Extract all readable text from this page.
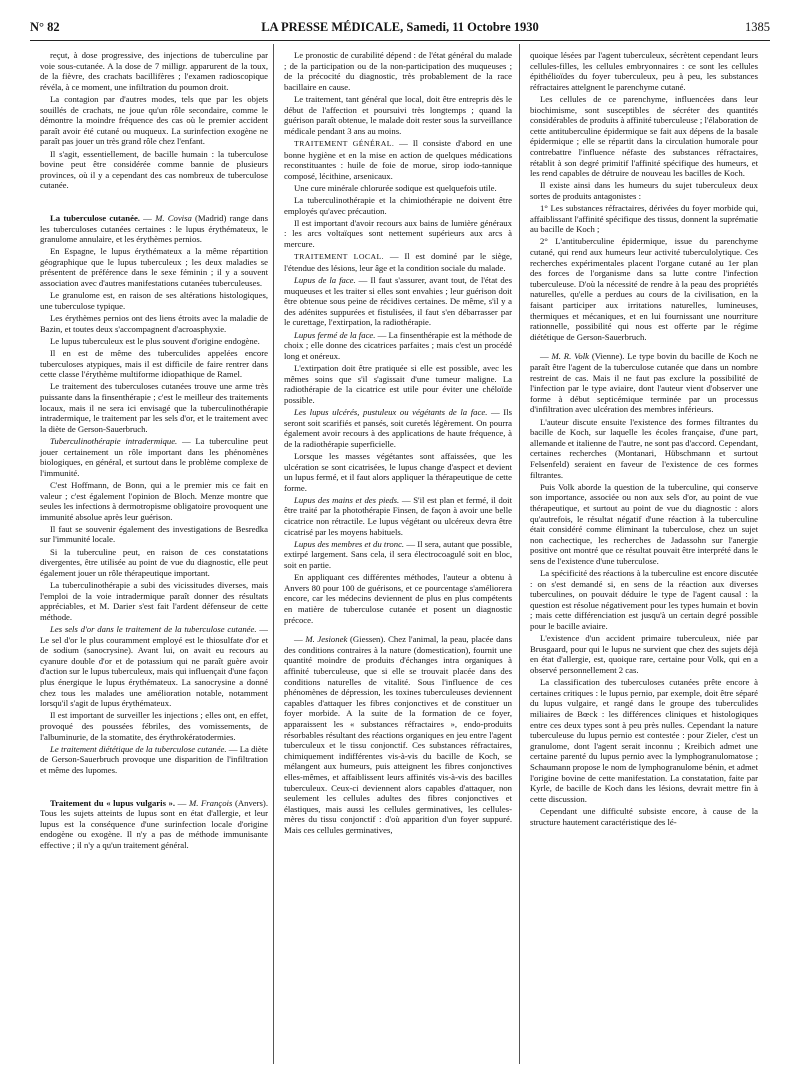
N° 82	LA PRESSE MÉDICALE, Samedi, 11 Octobre 1930	1385

reçut, à dose progressive, des injections de tuberculine par voie sous-cutanée. A la dose de 7 milligr. apparurent de la toux, de la fièvre, des crachats bacillifères ; l'examen radioscopique révéla, à ce moment, une infiltration du poumon droit.

La contagion par d'autres modes, tels que par les objets souillés de crachats, ne joue qu'un rôle secondaire, comme le démontre la moindre fréquence des cas où le premier accident paraît avoir été cutané ou muqueux. La surinfection exogène ne paraît pas jouer un très grand rôle chez l'enfant.

Il s'agit, essentiellement, de bacille humain : la tuberculose bovine peut être considérée comme bannie de plusieurs provinces, où il y a cependant des cas nombreux de tuberculose cutanée.

La tuberculose cutanée. — M. Covisa (Madrid) range dans les tuberculoses cutanées certaines : le lupus érythémateux, le granulome annulaire, et les érythèmes pernios.

En Espagne, le lupus érythémateux a la même répartition géographique que le lupus tuberculeux ; les deux maladies se présentent de préférence dans le sexe féminin ; il y a souvent association avec d'autres manifestations cutanées tuberculeuses.

Le granulome est, en raison de ses altérations histologiques, une tuberculose typique.

Les érythèmes pernios ont des liens étroits avec la maladie de Bazin, et toutes deux s'accompagnent d'acroasphyxie.

Le lupus tuberculeux est le plus souvent d'origine endogène.

Il en est de même des tuberculides appelées encore tuberculoses atypiques, mais il est difficile de faire rentrer dans cette classe l'érythème multiforme idiopathique de Ramel.

Le traitement des tuberculoses cutanées trouve une arme très puissante dans la finsenthérapie ; c'est le meilleur des traitements locaux, mais il ne sera ici envisagé que la tuberculinothérapie intradermique, le traitement par les sels d'or, et le traitement avec la diète de Gerson-Sauerbruch.

Tuberculinothérapie intradermique. — La tuberculine peut jouer certainement un rôle important dans les phénomènes biologiques, en général, et surtout dans le problème complexe de l'immunité.

C'est Hoffmann, de Bonn, qui a le premier mis ce fait en valeur ; c'est également l'opinion de Bloch. Menze montre que seules les infections à dermotropisme obligatoire provoquent une immunité absolue après leur guérison.

Il faut se souvenir également des investigations de Besredka sur l'immunité locale.

Si la tuberculine peut, en raison de ces constatations divergentes, être utilisée au point de vue du diagnostic, elle peut également jouer un rôle thérapeutique important.

La tuberculinothérapie a subi des vicissitudes diverses, mais l'emploi de la voie intradermique paraît donner des résultats appréciables, et M. Darier s'est fait l'ardent défenseur de cette méthode.

Les sels d'or dans le traitement de la tuberculose cutanée. — Le sel d'or le plus couramment employé est le thiosulfate d'or et de sodium (sanocrysine). Avant lui, on avait eu recours au cyanure double d'or et de potassium qui ne paraît guère avoir d'action sur le lupus tuberculeux, mais qui influençait d'une façon plus énergique le lupus érythémateux. La sanocrysine a donné chez tous les malades une amélioration notable, notamment lorsqu'il s'agit de lupus érythémateux.

Il est important de surveiller les injections ; elles ont, en effet, provoqué des poussées fébriles, des vomissements, de l'albuminurie, de la stomatite, des érythrokératodermies.

Le traitement diététique de la tuberculose cutanée. — La diète de Gerson-Sauerbruch provoque une disparition de l'infiltration et même des lupomes.

Traitement du « lupus vulgaris ». — M. François (Anvers). Tous les sujets atteints de lupus sont en état d'allergie, et leur lupus est la conséquence d'une surinfection locale d'origine endogène ou exogène. Il n'y a pas de méthode immunisante effective ; il n'y a qu'un traitement général.

Le pronostic de curabilité dépend : de l'état général du malade ; de la participation ou de la non-participation des muqueuses ; de la précocité du diagnostic, très probablement de la race bacillaire en cause.

Le traitement, tant général que local, doit être entrepris dès le début de l'affection et poursuivi très longtemps ; quand la guérison paraît obtenue, le malade doit rester sous la surveillance médicale pendant 3 ans au moins.

TRAITEMENT GÉNÉRAL. — Il consiste d'abord en une bonne hygiène et en la mise en action de quelques médications reconstituantes : huile de foie de morue, sirop iodo-tannique composé, lécithine, arsenicaux.

Une cure minérale chlorurée sodique est quelquefois utile.

La tuberculinothérapie et la chimiothérapie ne doivent être employés qu'avec précaution.

Il est important d'avoir recours aux bains de lumière généraux : les arcs voltaïques sont nettement supérieurs aux arcs à mercure.

TRAITEMENT LOCAL. — Il est dominé par le siège, l'étendue des lésions, leur âge et la condition sociale du malade.

Lupus de la face. — Il faut s'assurer, avant tout, de l'état des muqueuses et les traiter si elles sont envahies ; leur guérison doit être obtenue sous peine de récidives certaines. De même, s'il y a des adénites suppurées et fistulisées, il faut s'en débarrasser par le curettage, l'extirpation, la radiothérapie.

Lupus fermé de la face. — La finsenthérapie est la méthode de choix ; elle donne des cicatrices parfaites ; mais c'est un procédé long et onéreux.

L'extirpation doit être pratiquée si elle est possible, avec les mêmes soins que s'il s'agissait d'une tumeur maligne. La radiothérapie de la cicatrice est utile pour éviter une chéloïde possible.

Les lupus ulcérés, pustuleux ou végétants de la face. — Ils seront soit scarifiés et pansés, soit curetés légèrement. On pourra également avoir recours à des applications de haute fréquence, à de la radiothérapie superficielle.

Lorsque les masses végétantes sont affaissées, que les ulcération se sont cicatrisées, le lupus change d'aspect et devient un lupus fermé, et il faut alors appliquer la thérapeutique de cette forme.

Lupus des mains et des pieds. — S'il est plan et fermé, il doit être traité par la photothérapie Finsen, de façon à avoir une belle cicatrice non rétractile. Le lupus végétant ou ulcéreux devra être cicatrisé par les moyens habituels.

Lupus des membres et du tronc. — Il sera, autant que possible, extirpé largement. Sans cela, il sera électrocoagulé soit en bloc, soit en partie.

En appliquant ces différentes méthodes, l'auteur a obtenu à Anvers 80 pour 100 de guérisons, et ce pourcentage s'améliorera encore, car les médecins deviennent de plus en plus compétents en matière de tuberculose cutanée et posent un diagnostic précoce.

— M. Jesionek (Giessen). Chez l'animal, la peau, placée dans des conditions contraires à la nature (domestication), fournit une quantité moindre de produits d'échanges intra organiques à affinité tuberculeuse, que si elle se trouvait placée dans des conditions naturelles de vitalité. Sous l'influence de ces phénomènes de dépression, les toxines tuberculeuses deviennent capables d'attaquer les fibres conjonctives et de constituer un foyer morbide. A la suite de la formation de ce foyer, apparaissent les « substances réfractaires », endo-produits résorbables résultant des réactions organiques en jeu entre l'agent tuberculeux et le tissu conjonctif. Ces substances réfractaires, chimiquement indifférentes vis-à-vis du bacille de Koch, se mélangent aux humeurs, puis atteignent les fibres conjonctives elles-mêmes, et affaiblissent leurs affinités vis-à-vis des bacilles tuberculeux. Ceux-ci deviennent alors capables d'attaquer, non seulement les cellules adultes des fibres conjonctives et élastiques, mais aussi les cellules germinatives, les cellules-mères du tissu conjonctif : d'où apparition d'un foyer suppuré. Mais ces cellules germinatives,

quoique lésées par l'agent tuberculeux, sécrètent cependant leurs cellules-filles, les cellules embryonnaires : ce sont les cellules épithélioïdes du foyer tuberculeux, peu à peu, les substances réfractaires attelgnent le parenchyme cutané.

Les cellules de ce parenchyme, influencées dans leur biochimisme, sont susceptibles de sécréter des quantités considérables de produits à affinité tuberculeuse ; l'élaboration de cette antituberculine épidermique se fait aux dépens de la basale épidermique ; elle se répartit dans la circulation humorale pour contrebattre l'influence néfaste des substances réfractaires, rétablit à son degré primitif l'affinité spécifique des humeurs, et les rend capables de détruire de nouveau les bacilles de Koch.

Il existe ainsi dans les humeurs du sujet tuberculeux deux sortes de produits antagonistes :

1° Les substances réfractaires, dérivées du foyer morbide qui, affaiblissant l'affinité spécifique des tissus, donnent la suprématie au bacille de Koch ;

2° L'antituberculine épidermique, issue du parenchyme cutané, qui rend aux humeurs leur activité tuberculolytique. Ces recherches expérimentales placent l'organe cutané au 1er plan des forces de l'organisme dans sa lutte contre l'infection tuberculeuse. D'où la nécessité de rendre à la peau des propriétés naturelles, qu'elle a perdues au cours de la civilisation, en la faisant participer aux irritations naturelles, lumineuses, thermiques et mécaniques, et en lui fournissant une nourriture rationnelle, possibilité qui nous est offerte par le régime diététique de Gerson-Sauerbruch.

— M. R. Volk (Vienne). Le type bovin du bacille de Koch ne paraît être l'agent de la tuberculose cutanée que dans un nombre restreint de cas. Mais il ne faut pas exclure la possibilité de l'infection par le type aviaire, dont l'auteur vient d'observer une forme à début septicémique terminée par un processus d'infiltration avec ulcération des membres inférieurs.

L'auteur discute ensuite l'existence des formes filtrantes du bacille de Koch, sur laquelle les écoles française, d'une part, allemande et italienne de l'autre, ne sont pas d'accord. Cependant, certaines recherches (Montanari, Hübschmann et surtout Felsenfeld) seraient en faveur de l'existence de ces formes filtrantes.

Puis Volk aborde la question de la tuberculine, qui conserve son importance, associée ou non aux sels d'or, au point de vue thérapeutique, et surtout au point de vue du diagnostic : alors qu'autrefois, le résultat négatif d'une réaction à la tuberculine était considéré comme éliminant la tuberculose, chez un sujet non cachectique, les recherches de Jadassohn sur l'anergie positive ont montré que ce résultat pouvait être interprété dans le sens de l'existence d'une tuberculose.

La spécificité des réactions à la tuberculine est encore discutée : on s'est demandé si, en sens de la réaction aux diverses tuberculines, on pouvait déduire le type de l'agent causal : la question est résolue négativement pour les types humain et bovin ; mais cette différenciation est jusqu'à un certain degré possible pour le bacille aviaire.

L'existence d'un accident primaire tuberculeux, niée par Brusgaard, pour qui le lupus ne survient que chez des sujets déjà en état d'allergie, est, quoique rare, certaine pour Volk, qui en a observé personnellement 2 cas.

La classification des tuberculoses cutanées prête encore à certaines critiques : le lupus pernio, par exemple, doit être séparé du lupus vulgaire, et rangé dans le groupe des tuberculides miliaires de Bœck : les différences cliniques et histologiques entre ces deux types sont à peu près nulles. Cependant la nature tuberculeuse du lupus pernio est contestée : pour Zieler, c'est un granulome, dont l'agent serait inconnu ; Kreibich admet une certaine parenté du lupus pernio avec la lymphogranulomatose ; Schaumann propose le nom de lymphogranulome bénin, et admet l'origine bovine de cette manifestation. La constatation, faite par Kyrle, de bacille de Koch dans les lésions, devrait mettre fin à cette discussion.

Cependant une difficulté subsiste encore, à cause de la structure hautement caractéristique des lé-
